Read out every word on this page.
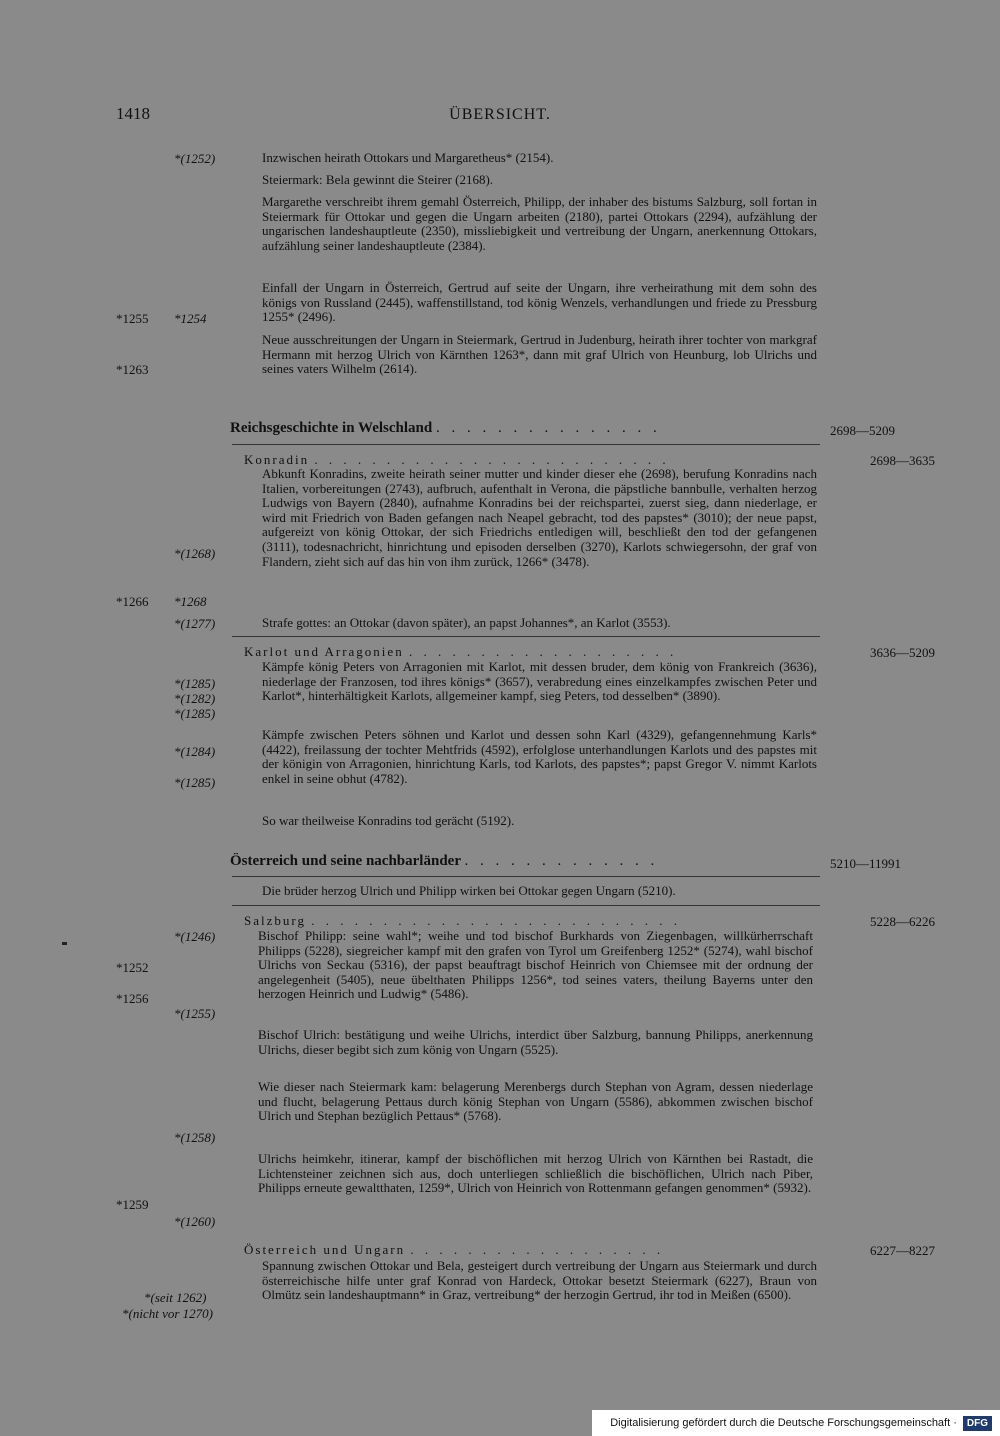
1418	ÜBERSICHT.
*(1252)	Inzwischen heirath Ottokars und Margaretheus* (2154).
Steiermark: Bela gewinnt die Steirer (2168).
Margarethe verschreibt ihrem gemahl Österreich, Philipp, der inhaber des bistums Salzburg, soll fortan in Steiermark für Ottokar und gegen die Ungarn arbeiten (2180), partei Ottokars (2294), aufzählung der ungarischen landeshauptleute (2350), missliebigkeit und vertreibung der Ungarn, anerkennung Ottokars, aufzählung seiner landeshauptleute (2384).
*1255 *1254
Einfall der Ungarn in Österreich, Gertrud auf seite der Ungarn, ihre verheirathung mit dem sohn des königs von Russland (2445), waffenstillstand, tod könig Wenzels, verhandlungen und friede zu Pressburg 1255* (2496).
*1263
Neue ausschreitungen der Ungarn in Steiermark, Gertrud in Judenburg, heirath ihrer tochter von markgraf Hermann mit herzog Ulrich von Kärnthen 1263*, dann mit graf Ulrich von Heunburg, lob Ulrichs und seines vaters Wilhelm (2614).
Reichsgeschichte in Welschland . . . . . . . . . . . . . . .	2698—5209
Konradin . . . . . . . . . . . . . . . . . . . . . . . . .	2698—3635
Abkunft Konradins, zweite heirath seiner mutter und kinder dieser ehe (2698), berufung Konradins nach Italien, vorbereitungen (2743), aufbruch, aufenthalt in Verona, die päpstliche bannbulle, verhalten herzog Ludwigs von Bayern (2840), aufnahme Konradins bei der reichspartei, zuerst sieg, dann niederlage, er wird mit Friedrich von Baden gefangen nach Neapel gebracht, tod des papstes* (3010); der neue papst, aufgereizt von könig Ottokar, der sich Friedrichs entledigen will, beschließt den tod der gefangenen (3111), todesnachricht, hinrichtung und episoden derselben (3270), Karlots schwiegersohn, der graf von Flandern, zieht sich auf das hin von ihm zurück, 1266* (3478).
*(1268)
*1266 *1268
Strafe gottes: an Ottokar (davon später), an papst Johannes*, an Karlot (3553).
*(1277)
Karlot und Arragonien . . . . . . . . . . . . . . . . . . .	3636—5209
Kämpfe könig Peters von Arragonien mit Karlot, mit dessen bruder, dem könig von Frankreich (3636), niederlage der Franzosen, tod ihres königs* (3657), verabredung eines einzelkampfes zwischen Peter und Karlot*, hinterhältigkeit Karlots, allgemeiner kampf, sieg Peters, tod desselben* (3890).
*(1285)
*(1282)
*(1285)
Kämpfe zwischen Peters söhnen und Karlot und dessen sohn Karl (4329), gefangennehmung Karls* (4422), freilassung der tochter Mehtfrids (4592), erfolglose unterhandlungen Karlots und des papstes mit der königin von Arragonien, hinrichtung Karls, tod Karlots, des papstes*; papst Gregor V. nimmt Karlots enkel in seine obhut (4782).
*(1284)
*(1285)
So war theilweise Konradins tod gerächt (5192).
Österreich und seine nachbarländer . . . . . . . . . . . . .	5210—11991
Die brüder herzog Ulrich und Philipp wirken bei Ottokar gegen Ungarn (5210).
Salzburg . . . . . . . . . . . . . . . . . . . . . . . . . .	5228—6226
Bischof Philipp: seine wahl*; weihe und tod bischof Burkhards von Ziegenbagen, willkürherrschaft Philipps (5228), siegreicher kampf mit den grafen von Tyrol um Greifenberg 1252* (5274), wahl bischof Ulrichs von Seckau (5316), der papst beauftragt bischof Heinrich von Chiemsee mit der ordnung der angelegenheit (5405), neue übelthaten Philipps 1256*, tod seines vaters, theilung Bayerns unter den herzogen Heinrich und Ludwig* (5486).
*(1246)
*1252
*1256
*(1255)
Bischof Ulrich: bestätigung und weihe Ulrichs, interdict über Salzburg, bannung Philipps, anerkennung Ulrichs, dieser begibt sich zum könig von Ungarn (5525).
Wie dieser nach Steiermark kam: belagerung Merenbergs durch Stephan von Agram, dessen niederlage und flucht, belagerung Pettaus durch könig Stephan von Ungarn (5586), abkommen zwischen bischof Ulrich und Stephan bezüglich Pettaus* (5768).
*(1258)
Ulrichs heimkehr, itinerar, kampf der bischöflichen mit herzog Ulrich von Kärnthen bei Rastadt, die Lichtensteiner zeichnen sich aus, doch unterliegen schließlich die bischöflichen, Ulrich nach Piber, Philipps erneute gewaltthaten, 1259*, Ulrich von Heinrich von Rottenmann gefangen genommen* (5932).
*1259
*(1260)
Österreich und Ungarn . . . . . . . . . . . . . . . . . .	6227—8227
Spannung zwischen Ottokar und Bela, gesteigert durch vertreibung der Ungarn aus Steiermark und durch österreichische hilfe unter graf Konrad von Hardeck, Ottokar besetzt Steiermark (6227), Braun von Olmütz sein landeshauptmann* in Graz, vertreibung* der herzogin Gertrud, ihr tod in Meißen (6500).
*(seit 1262)
*(nicht vor 1270)
Digitalisierung gefördert durch die Deutsche Forschungsgemeinschaft ·	DFG
